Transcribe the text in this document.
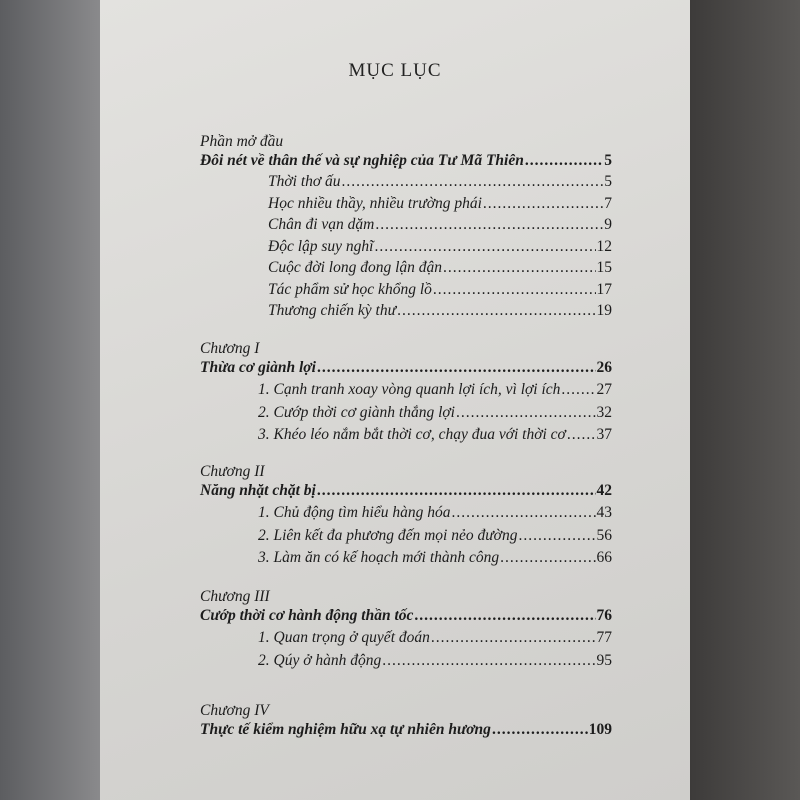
MỤC LỤC
Phần mở đầu
Đôi nét về thân thế và sự nghiệp của Tư Mã Thiên .....	5
Thời thơ ấu .....	5
Học nhiều thầy, nhiều trường phái .....	7
Chân đi vạn dặm .....	9
Độc lập suy nghĩ .....	12
Cuộc đời long đong lận đận .....	15
Tác phẩm sử học khổng lồ .....	17
Thương chiến kỳ thư .....	19
Chương I
Thừa cơ giành lợi .....	26
1. Cạnh tranh xoay vòng quanh lợi ích, vì lợi ích ..... 27
2. Cướp thời cơ giành thắng lợi .....	32
3. Khéo léo nắm bắt thời cơ, chạy đua với thời cơ ..... 37
Chương II
Năng nhặt chặt bị .....	42
1. Chủ động tìm hiểu hàng hóa .....	43
2. Liên kết đa phương đến mọi nẻo đường .....	56
3. Làm ăn có kế hoạch mới thành công .....	66
Chương III
Cướp thời cơ hành động thần tốc .....	76
1. Quan trọng ở quyết đoán .....	77
2. Qúy ở hành động .....	95
Chương IV
Thực tế kiểm nghiệm hữu xạ tự nhiên hương .....	109
